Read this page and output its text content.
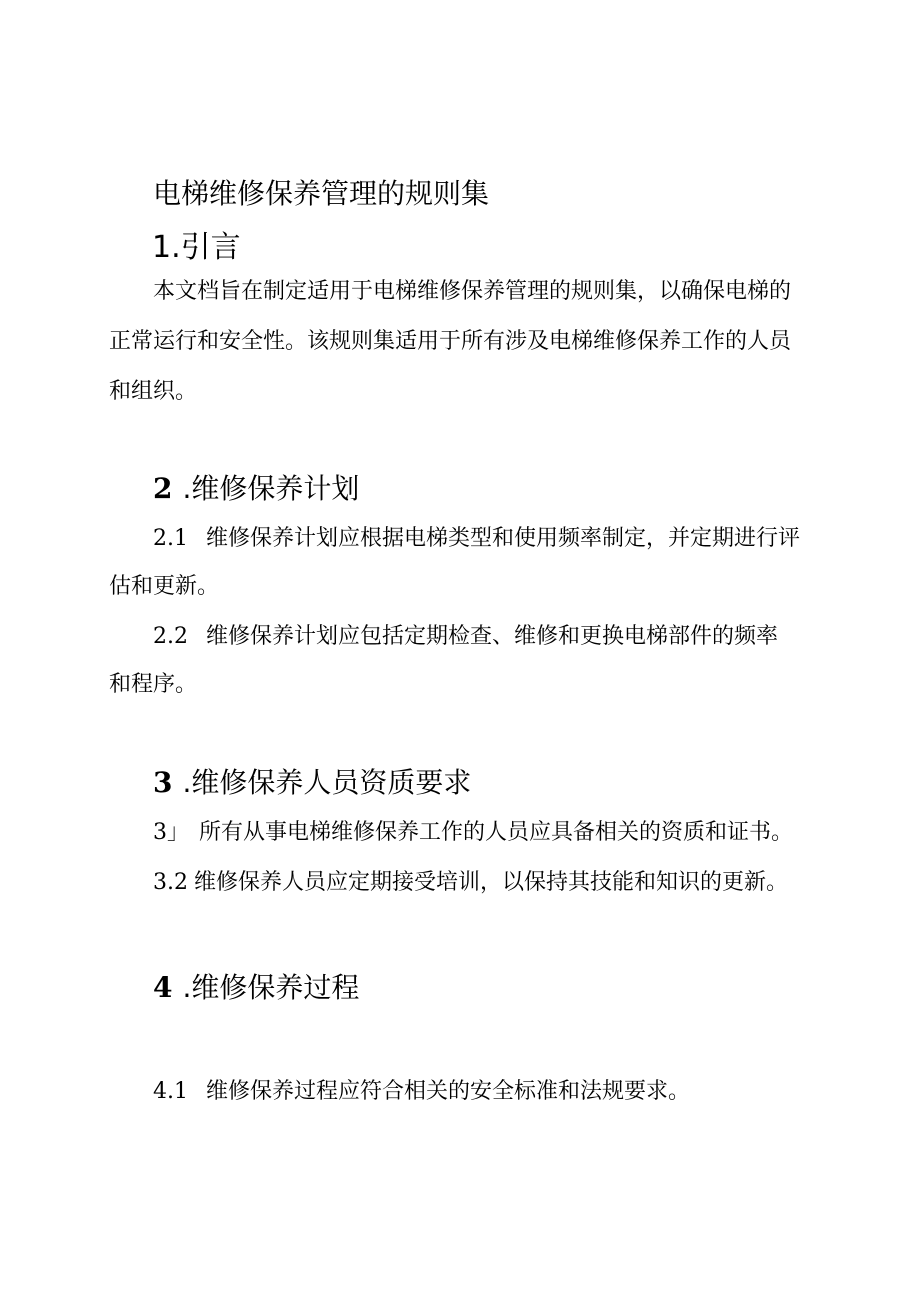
电梯维修保养管理的规则集
1.引言
本文档旨在制定适用于电梯维修保养管理的规则集，以确保电梯的
正常运行和安全性。该规则集适用于所有涉及电梯维修保养工作的人员
和组织。
2 .维修保养计划
2.1 维修保养计划应根据电梯类型和使用频率制定，并定期进行评
估和更新。
2.2 维修保养计划应包括定期检查、维修和更换电梯部件的频率
和程序。
3 .维修保养人员资质要求
3」 所有从事电梯维修保养工作的人员应具备相关的资质和证书。
3.2 维修保养人员应定期接受培训，以保持其技能和知识的更新。
4 .维修保养过程
4.1 维修保养过程应符合相关的安全标准和法规要求。
